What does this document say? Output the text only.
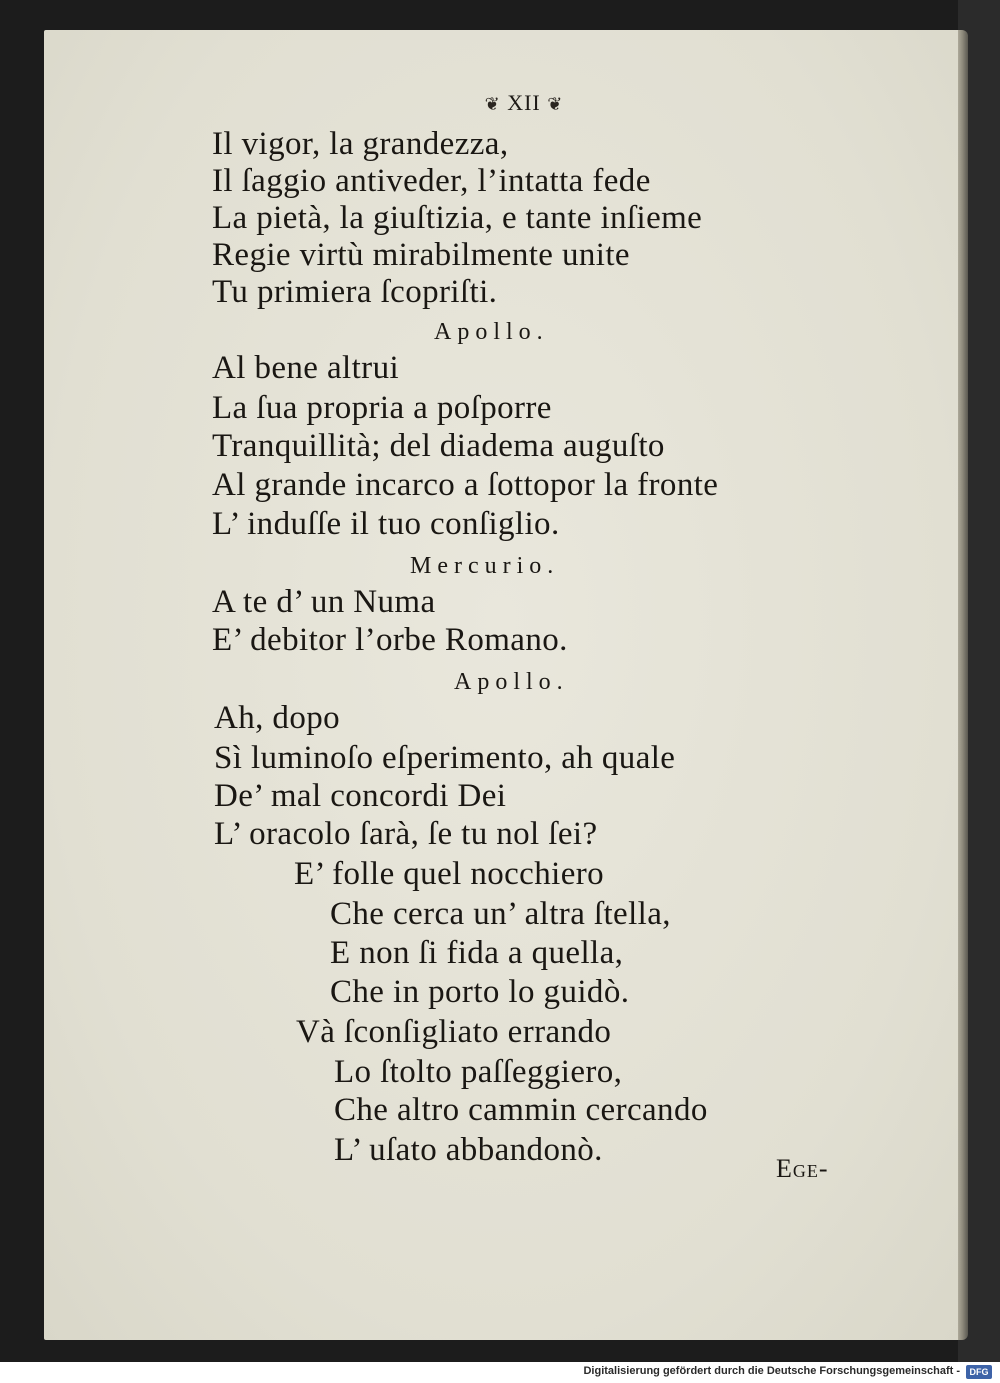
❦ XII ❦
Il vigor, la grandezza,
Il ſaggio antiveder, l’intatta fede
La pietà, la giuſtizia, e tante inſieme
Regie virtù mirabilmente unite
Tu primiera ſcopriſti.
Apollo.
Al bene altrui
La ſua propria a poſporre
Tranquillità; del diadema auguſto
Al grande incarco a ſottopor la fronte
L’ induſſe il tuo conſiglio.
Mercurio.
A te d’ un Numa
E’ debitor l’orbe Romano.
Apollo.
Ah, dopo
Sì luminoſo eſperimento, ah quale
De’ mal concordi Dei
L’ oracolo ſarà, ſe tu nol ſei?
E’ folle quel nocchiero
Che cerca un’ altra ſtella,
E non ſi fida a quella,
Che in porto lo guidò.
Và ſconſigliato errando
Lo ſtolto paſſeggiero,
Che altro cammin cercando
L’ uſato abbandonò.
Ege-
Digitalisierung gefördert durch die Deutsche Forschungsgemeinschaft -	DFG
